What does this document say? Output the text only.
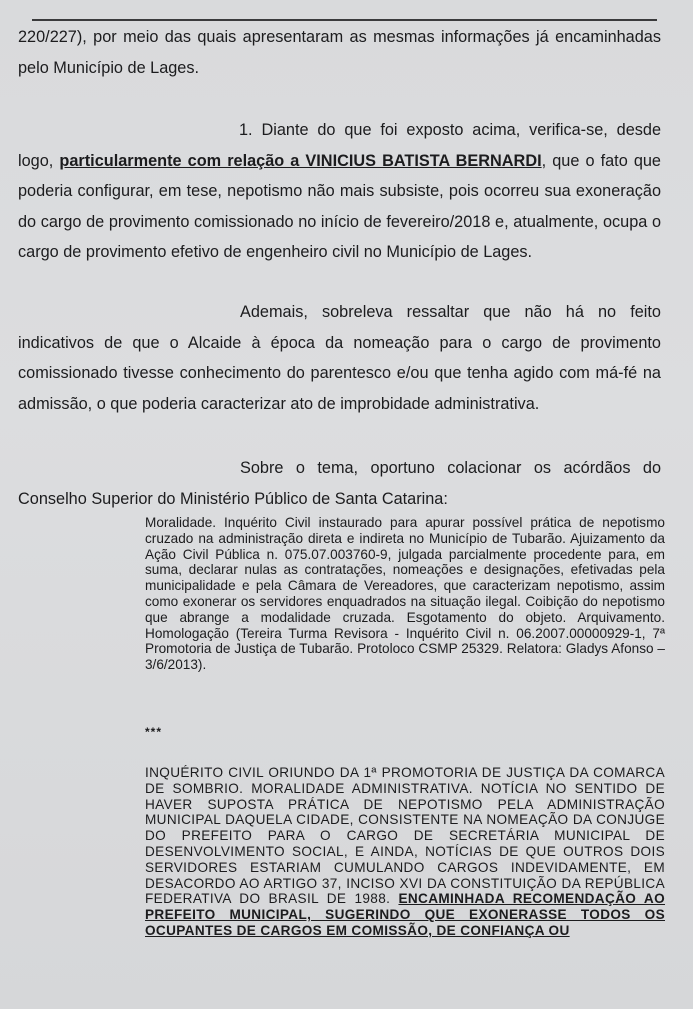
220/227), por meio das quais apresentaram as mesmas informações já encaminhadas pelo Município de Lages.

1. Diante do que foi exposto acima, verifica-se, desde logo, particularmente com relação a VINICIUS BATISTA BERNARDI, que o fato que poderia configurar, em tese, nepotismo não mais subsiste, pois ocorreu sua exoneração do cargo de provimento comissionado no início de fevereiro/2018 e, atualmente, ocupa o cargo de provimento efetivo de engenheiro civil no Município de Lages.

Ademais, sobreleva ressaltar que não há no feito indicativos de que o Alcaide à época da nomeação para o cargo de provimento comissionado tivesse conhecimento do parentesco e/ou que tenha agido com má-fé na admissão, o que poderia caracterizar ato de improbidade administrativa.

Sobre o tema, oportuno colacionar os acórdãos do Conselho Superior do Ministério Público de Santa Catarina:

Moralidade. Inquérito Civil instaurado para apurar possível prática de nepotismo cruzado na administração direta e indireta no Município de Tubarão. Ajuizamento da Ação Civil Pública n. 075.07.003760-9, julgada parcialmente procedente para, em suma, declarar nulas as contratações, nomeações e designações, efetivadas pela municipalidade e pela Câmara de Vereadores, que caracterizam nepotismo, assim como exonerar os servidores enquadrados na situação ilegal. Coibição do nepotismo que abrange a modalidade cruzada. Esgotamento do objeto. Arquivamento. Homologação (Tereira Turma Revisora - Inquérito Civil n. 06.2007.00000929-1, 7ª Promotoria de Justiça de Tubarão. Protoloco CSMP 25329. Relatora: Gladys Afonso – 3/6/2013).

***

INQUÉRITO CIVIL ORIUNDO DA 1ª PROMOTORIA DE JUSTIÇA DA COMARCA DE SOMBRIO. MORALIDADE ADMINISTRATIVA. NOTÍCIA NO SENTIDO DE HAVER SUPOSTA PRÁTICA DE NEPOTISMO PELA ADMINISTRAÇÃO MUNICIPAL DAQUELA CIDADE, CONSISTENTE NA NOMEAÇÃO DA CONJUGE DO PREFEITO PARA O CARGO DE SECRETÁRIA MUNICIPAL DE DESENVOLVIMENTO SOCIAL, E AINDA, NOTÍCIAS DE QUE OUTROS DOIS SERVIDORES ESTARIAM CUMULANDO CARGOS INDEVIDAMENTE, EM DESACORDO AO ARTIGO 37, INCISO XVI DA CONSTITUIÇÃO DA REPÚBLICA FEDERATIVA DO BRASIL DE 1988. ENCAMINHADA RECOMENDAÇÃO AO PREFEITO MUNICIPAL, SUGERINDO QUE EXONERASSE TODOS OS OCUPANTES DE CARGOS EM COMISSÃO, DE CONFIANÇA OU
